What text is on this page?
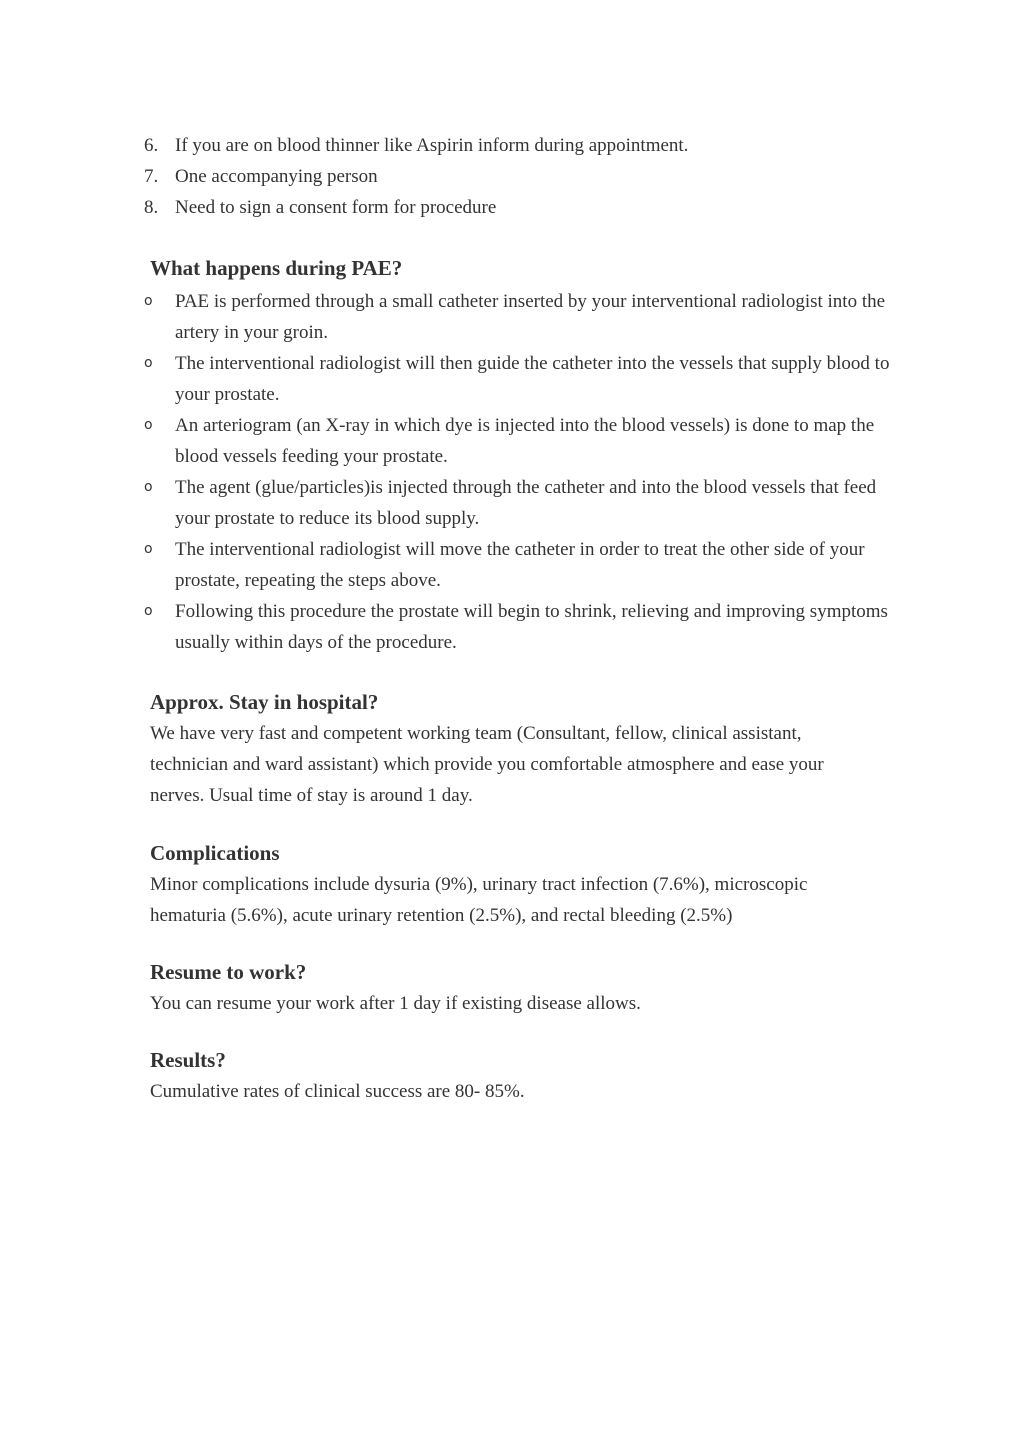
6. If you are on blood thinner like Aspirin inform during appointment.
7. One accompanying person
8. Need to sign a consent form for procedure
What happens during PAE?
o	PAE is performed through a small catheter inserted by your interventional radiologist into the artery in your groin.
o	The interventional radiologist will then guide the catheter into the vessels that supply blood to your prostate.
o	An arteriogram (an X-ray in which dye is injected into the blood vessels) is done to map the blood vessels feeding your prostate.
o	The agent (glue/particles)is injected through the catheter and into the blood vessels that feed your prostate to reduce its blood supply.
o	The interventional radiologist will move the catheter in order to treat the other side of your prostate, repeating the steps above.
o	Following this procedure the prostate will begin to shrink, relieving and improving symptoms usually within days of the procedure.
Approx. Stay in hospital?

We have very fast and competent working team (Consultant, fellow, clinical assistant, technician and ward assistant) which provide you comfortable atmosphere and ease your nerves. Usual time of stay is around 1 day.

Complications

Minor complications include dysuria (9%), urinary tract infection (7.6%), microscopic hematuria (5.6%), acute urinary retention (2.5%), and rectal bleeding (2.5%)

Resume to work?

You can resume your work after 1 day if existing disease allows.

Results?

Cumulative rates of clinical success are 80- 85%.
